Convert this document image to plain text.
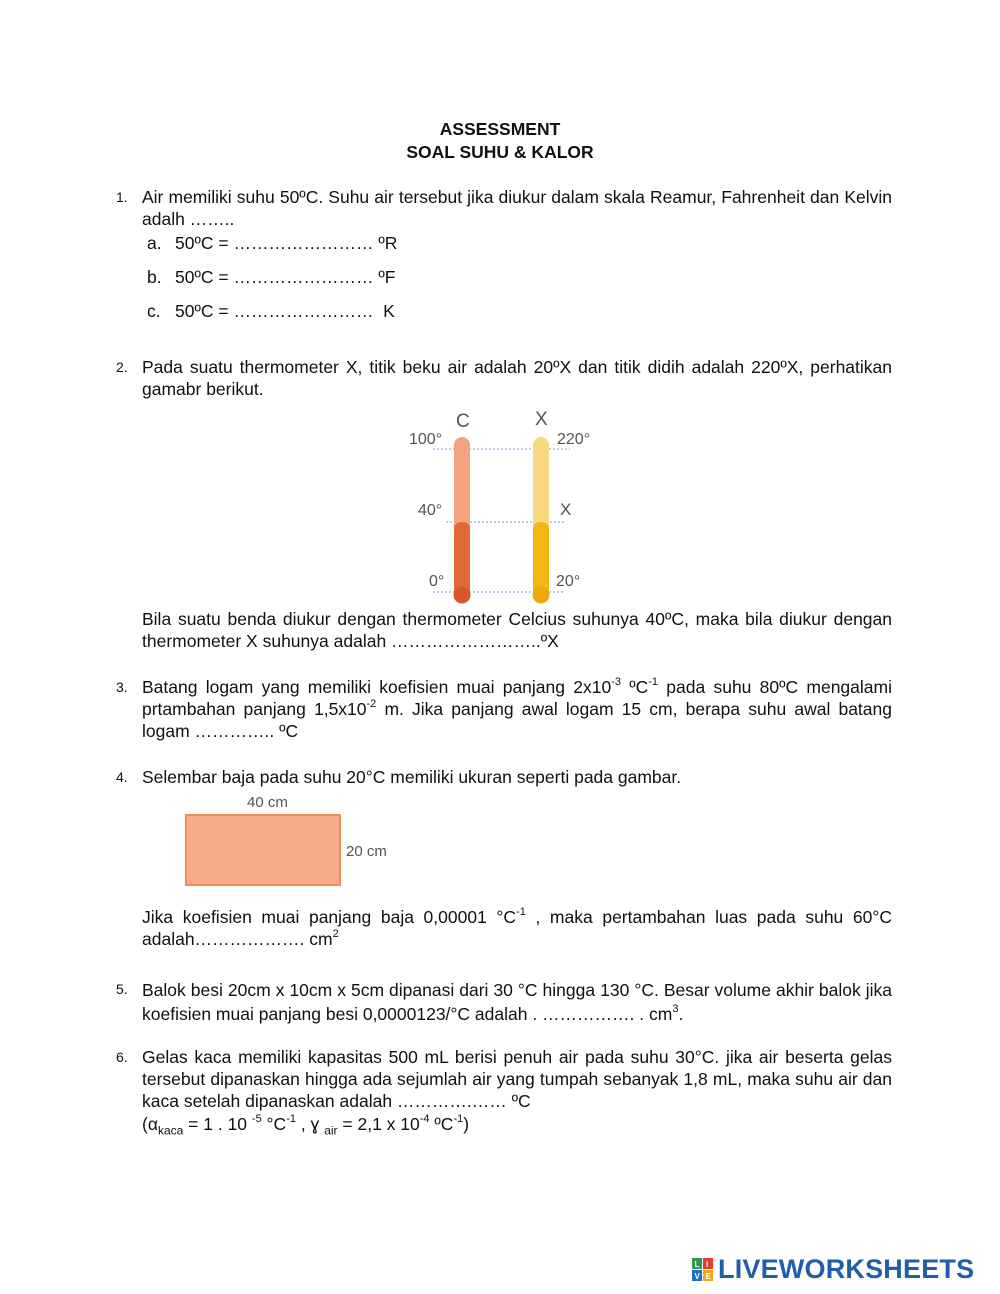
ASSESSMENT
SOAL SUHU & KALOR
1. Air memiliki suhu 50ºC. Suhu air tersebut jika diukur dalam skala Reamur, Fahrenheit dan Kelvin adalh ……..
a. 50ºC = …………………… ºR
b. 50ºC = …………………… ºF
c. 50ºC = ……………………  K
2. Pada suatu thermometer X, titik beku air adalah 20ºX dan titik didih adalah 220ºX, perhatikan gamabr berikut.
C	X
100°
40°
0°
220°
X
20°
Bila suatu benda diukur dengan thermometer Celcius suhunya 40ºC, maka bila diukur dengan thermometer X suhunya adalah ……………………..ºX
3. Batang logam yang memiliki koefisien muai panjang $2x10^{-3}$ ºC$^{-1}$ pada suhu 80ºC mengalami prtambahan panjang $1,5x10^{-2}$ m. Jika panjang awal logam 15 cm, berapa suhu awal batang logam ………….. ºC
4. Selembar baja pada suhu 20°C memiliki ukuran seperti pada gambar.
40 cm
20 cm
Jika koefisien muai panjang baja 0,00001 $^\circ C^{-1}$ , maka pertambahan luas pada suhu 60°C adalah………………. $cm^2$
5. Balok besi 20cm x 10cm x 5cm dipanasi dari 30 °C hingga 130 °C. Besar volume akhir balok jika koefisien muai panjang besi 0,0000123/°C adalah . ……………. . $cm^3$.
6. Gelas kaca memiliki kapasitas 500 mL berisi penuh air pada suhu 30°C. jika air beserta gelas tersebut dipanaskan hingga ada sejumlah air yang tumpah sebanyak 1,8 mL, maka suhu air dan kaca setelah dipanaskan adalah ………….…… ºC
($\alpha_{kaca} = 1$ . 10 $^{-5}$ $^\circ C^{-1}$ , ɣ $_{air}$ = 2,1 x $10^{-4}$ ºC$^{-1}$)
L I
V E LIVEWORKSHEETS
